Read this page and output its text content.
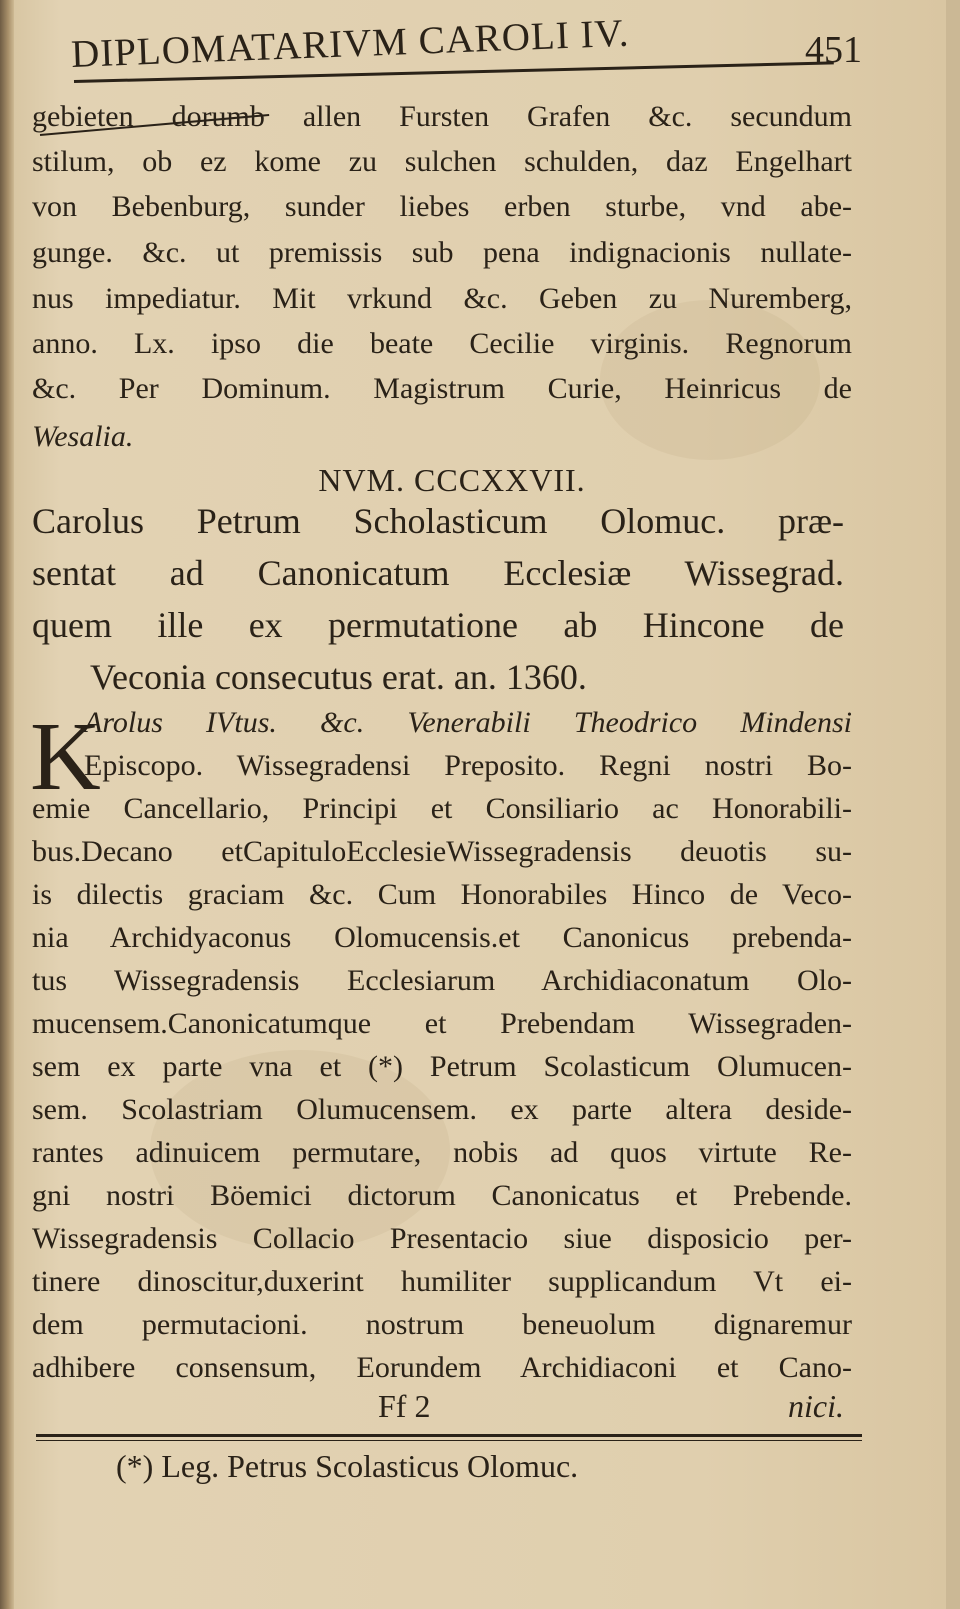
DIPLOMATARIVM CAROLI IV.	451
gebieten dorumb allen Fursten Grafen &c. secundum
stilum, ob ez kome zu sulchen schulden, daz Engelhart
von Bebenburg, sunder liebes erben sturbe, vnd abe-
gunge. &c. ut premissis sub pena indignacionis nullate-
nus impediatur. Mit vrkund &c. Geben zu Nuremberg,
anno. Lx. ipso die beate Cecilie virginis. Regnorum
&c. Per Dominum. Magistrum Curie, Heinricus de
Wesalia.
NVM. CCCXXVII.
Carolus Petrum Scholasticum Olomuc. præ-
sentat ad Canonicatum Ecclesiæ Wissegrad.
quem ille ex permutatione ab Hincone de
Veconia consecutus erat. an. 1360.
K
Arolus IVtus. &c. Venerabili Theodrico Mindensi
Episcopo. Wissegradensi Preposito. Regni nostri Bo-
emie Cancellario, Principi et Consiliario ac Honorabili-
bus.Decano etCapituloEcclesieWissegradensis deuotis su-
is dilectis graciam &c. Cum Honorabiles Hinco de Veco-
nia Archidyaconus Olomucensis.et Canonicus prebenda-
tus Wissegradensis Ecclesiarum Archidiaconatum Olo-
mucensem.Canonicatumque et Prebendam Wissegraden-
sem ex parte vna et (*) Petrum Scolasticum Olumucen-
sem. Scolastriam Olumucensem. ex parte altera deside-
rantes adinuicem permutare, nobis ad quos virtute Re-
gni nostri Böemici dictorum Canonicatus et Prebende.
Wissegradensis Collacio Presentacio siue disposicio per-
tinere dinoscitur,duxerint humiliter supplicandum Vt ei-
dem permutacioni. nostrum beneuolum dignaremur
adhibere consensum, Eorundem Archidiaconi et Cano-
Ff 2	nici.
(*) Leg. Petrus Scolasticus Olomuc.
